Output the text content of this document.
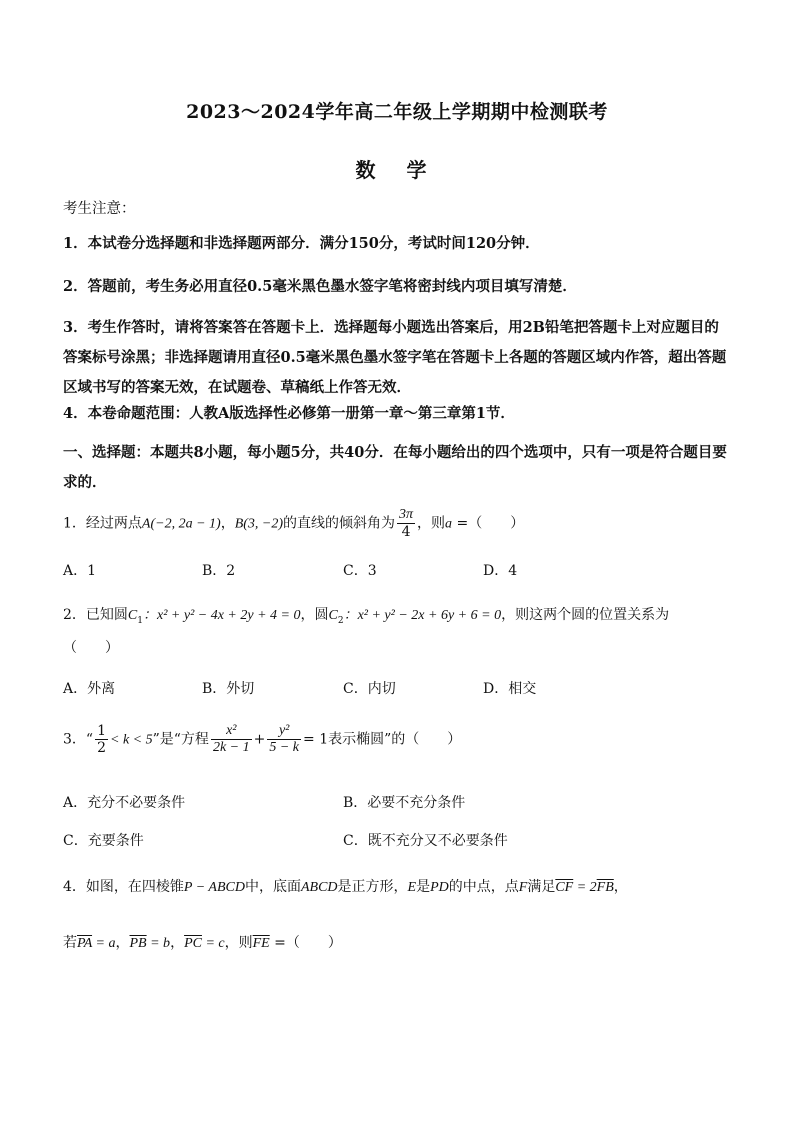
2023～2024学年高二年级上学期期中检测联考
数 学
考生注意：
1．本试卷分选择题和非选择题两部分．满分150分，考试时间120分钟．
2．答题前，考生务必用直径0.5毫米黑色墨水签字笔将密封线内项目填写清楚．
3．考生作答时，请将答案答在答题卡上．选择题每小题选出答案后，用2B铅笔把答题卡上对应题目的答案标号涂黑；非选择题请用直径0.5毫米黑色墨水签字笔在答题卡上各题的答题区域内作答，超出答题区域书写的答案无效，在试题卷、草稿纸上作答无效．
4．本卷命题范围：人教A版选择性必修第一册第一章～第三章第1节．
一、选择题：本题共8小题，每小题5分，共40分．在每小题给出的四个选项中，只有一项是符合题目要求的．
1．经过两点A(−2, 2a − 1)，B(3, −2)的直线的倾斜角为 $\frac{3\pi}{4}$ ，则a =（　　）
A．1	B．2	C．3	D．4
2．已知圆$C_1$：x² + y² − 4x + 2y + 4 = 0，圆$C_2$：x² + y² − 2x + 6y + 6 = 0，则这两个圆的位置关系为
（　　）
A．外离	B．外切	C．内切	D．相交
3．“ $\frac{1}{2} < k < 5$”是“方程 $\frac{\text{x²}}{2k - 1} + \frac{\text{y²}}{5 - k} = 1$表示椭圆”的（　　）
A．充分不必要条件	B．必要不充分条件
C．充要条件	C．既不充分又不必要条件
4．如图，在四棱锥P − ABCD中，底面ABCD是正方形，E是PD的中点，点F满足$\overline{CF} = 2\overline{FB}$，
若$\overline{PA} = a$，$\overline{PB} = b$，$\overline{PC} = c$，则$\overline{FE}$ =（　　）
